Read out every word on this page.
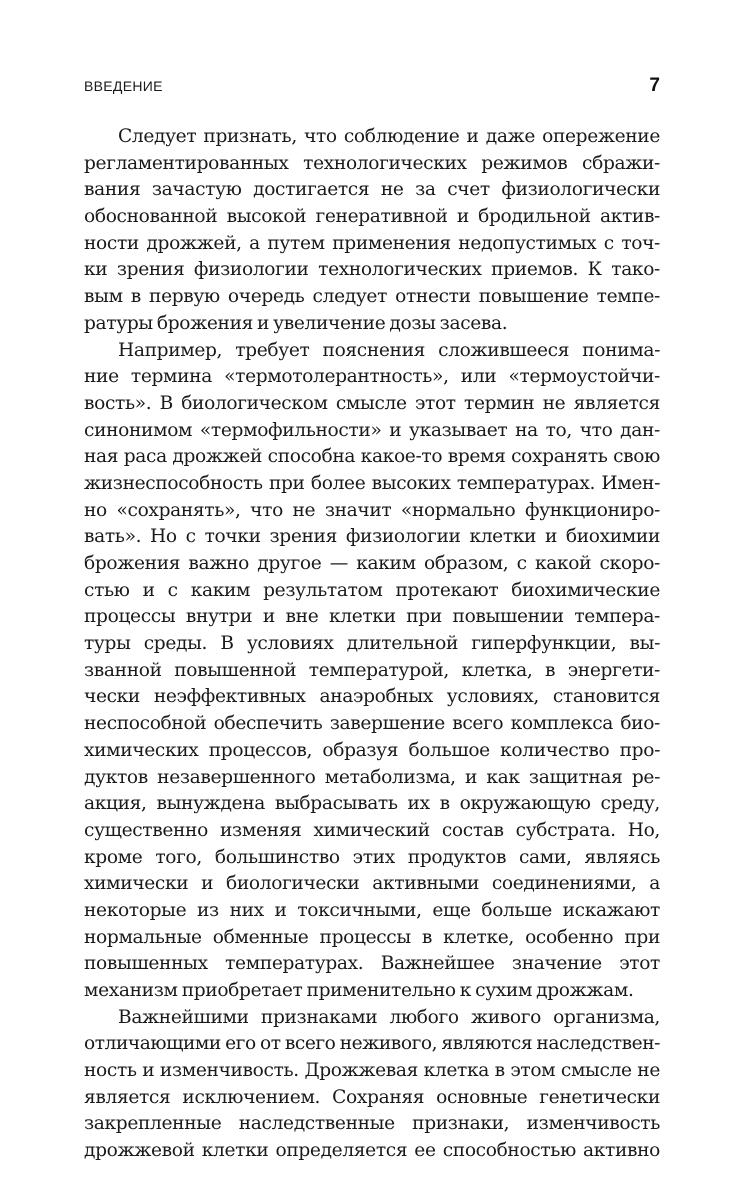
ВВЕДЕНИЕ	7
Следует признать, что соблюдение и даже опережение
регламентированных технологических режимов сбражи-
вания зачастую достигается не за счет физиологически
обоснованной высокой генеративной и бродильной актив-
ности дрожжей, а путем применения недопустимых с точ-
ки зрения физиологии технологических приемов. К тако-
вым в первую очередь следует отнести повышение темпе-
ратуры брожения и увеличение дозы засева.
Например, требует пояснения сложившееся понима-
ние термина «термотолерантность», или «термоустойчи-
вость». В биологическом смысле этот термин не является
синонимом «термофильности» и указывает на то, что дан-
ная раса дрожжей способна какое-то время сохранять свою
жизнеспособность при более высоких температурах. Имен-
но «сохранять», что не значит «нормально функциониро-
вать». Но с точки зрения физиологии клетки и биохимии
брожения важно другое — каким образом, с какой скоро-
стью и с каким результатом протекают биохимические
процессы внутри и вне клетки при повышении темпера-
туры среды. В условиях длительной гиперфункции, вы-
званной повышенной температурой, клетка, в энергети-
чески неэффективных анаэробных условиях, становится
неспособной обеспечить завершение всего комплекса био-
химических процессов, образуя большое количество про-
дуктов незавершенного метаболизма, и как защитная ре-
акция, вынуждена выбрасывать их в окружающую среду,
существенно изменяя химический состав субстрата. Но,
кроме того, большинство этих продуктов сами, являясь
химически и биологически активными соединениями, а
некоторые из них и токсичными, еще больше искажают
нормальные обменные процессы в клетке, особенно при
повышенных температурах. Важнейшее значение этот
механизм приобретает применительно к сухим дрожжам.
Важнейшими признаками любого живого организма,
отличающими его от всего неживого, являются наследствен-
ность и изменчивость. Дрожжевая клетка в этом смысле не
является исключением. Сохраняя основные генетически
закрепленные наследственные признаки, изменчивость
дрожжевой клетки определяется ее способностью активно
